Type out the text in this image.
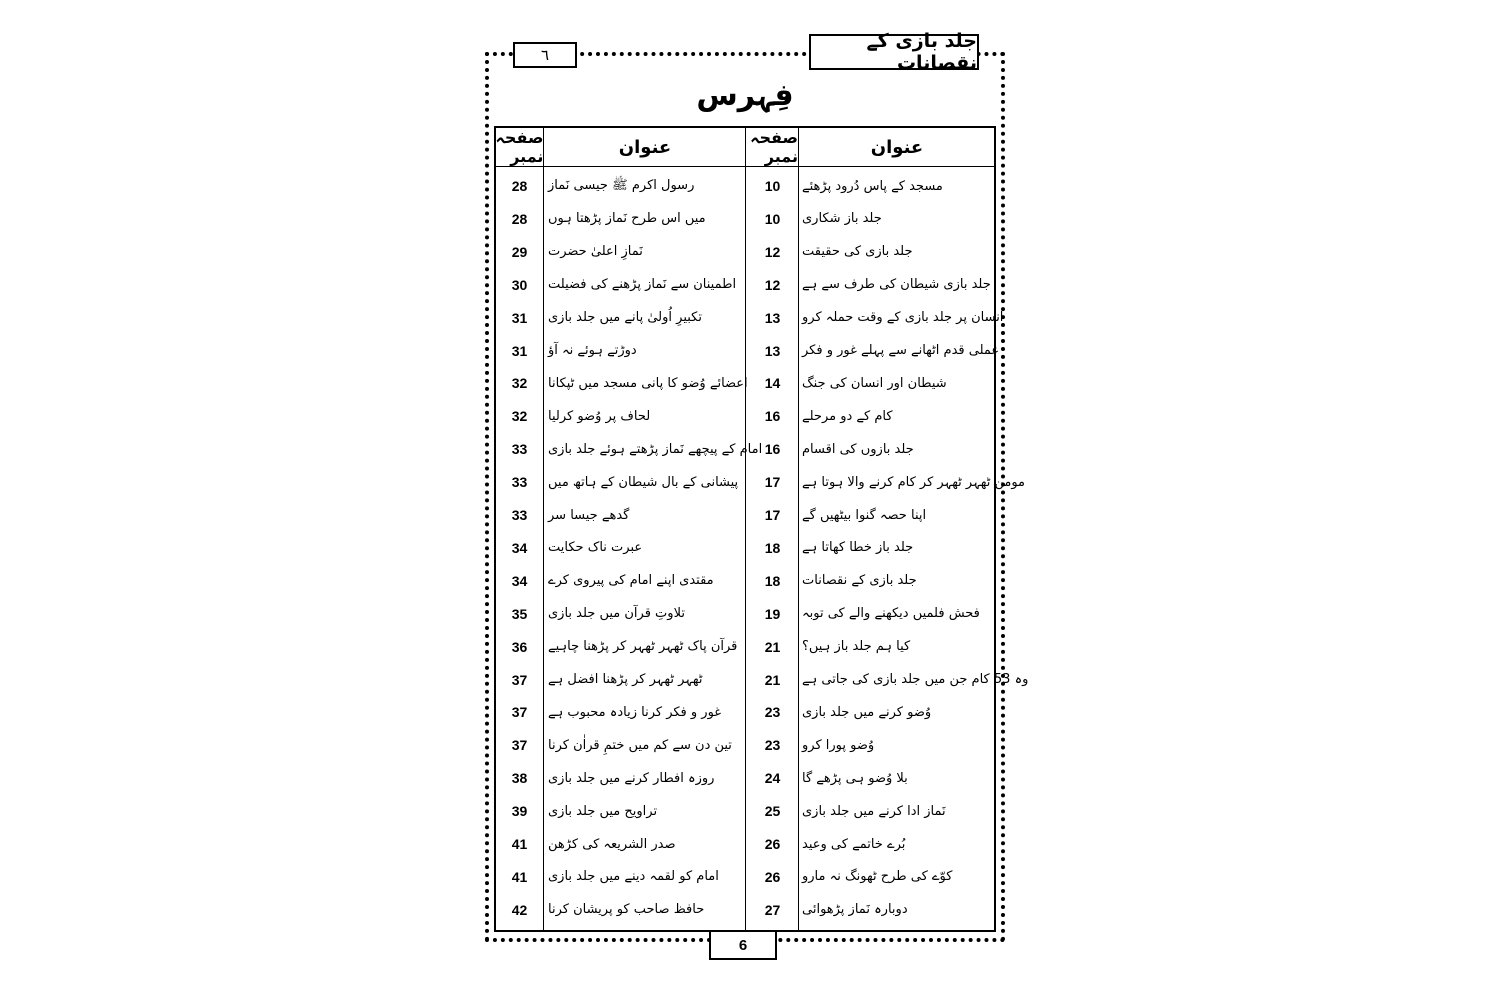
جلد بازی کے نقصانات
٦
فِہرس
عنوان
صفحہ نمبر
عنوان
صفحہ نمبر
مسجد کے پاس دُرود پڑھئے
10
رسول اکرم ﷺ جیسی نَماز
28
جلد باز شکاری
10
میں اس طرح نَماز پڑھتا ہوں
28
جلد بازی کی حقیقت
12
نَمازِ اعلیٰ حضرت
29
جلد بازی شیطان کی طرف سے ہے
12
اطمینان سے نَماز پڑھنے کی فضیلت
30
انسان پر جلد بازی کے وقت حملہ کرو
13
تکبیرِ اُولیٰ پانے میں جلد بازی
31
عملی قدم اٹھانے سے پہلے غور و فکر
13
دوڑتے ہوئے نہ آؤ
31
شیطان اور انسان کی جنگ
14
اعضائے وُضو کا پانی مسجد میں ٹپکانا
32
کام کے دو مرحلے
16
لحاف پر وُضو کرلیا
32
جلد بازوں کی اقسام
16
امام کے پیچھے نَماز پڑھتے ہوئے جلد بازی
33
مومن ٹھہر ٹھہر کر کام کرنے والا ہوتا ہے
17
پیشانی کے بال شیطان کے ہاتھ میں
33
اپنا حصہ گنوا بیٹھیں گے
17
گدھے جیسا سر
33
جلد باز خطا کھاتا ہے
18
عبرت ناک حکایت
34
جلد بازی کے نقصانات
18
مقتدی اپنے امام کی پیروی کرے
34
فحش فلمیں دیکھنے والے کی توبہ
19
تلاوتِ قرآن میں جلد بازی
35
کیا ہم جلد باز ہیں؟
21
قرآن پاک ٹھہر ٹھہر کر پڑھنا چاہیے
36
وہ 53 کام جن میں جلد بازی کی جاتی ہے
21
ٹھہر ٹھہر کر پڑھنا افضل ہے
37
وُضو کرنے میں جلد بازی
23
غور و فکر کرنا زیادہ محبوب ہے
37
وُضو پورا کرو
23
تین دن سے کم میں ختمِ قراٰن کرنا
37
بلا وُضو ہی پڑھے گا
24
روزہ افطار کرنے میں جلد بازی
38
نَماز ادا کرنے میں جلد بازی
25
تراویح میں جلد بازی
39
بُرے خاتمے کی وعید
26
صدر الشریعہ کی کڑھن
41
کوّے کی طرح ٹھونگ نہ مارو
26
امام کو لقمہ دینے میں جلد بازی
41
دوبارہ نَماز پڑھوائی
27
حافظ صاحب کو پریشان کرنا
42
6
